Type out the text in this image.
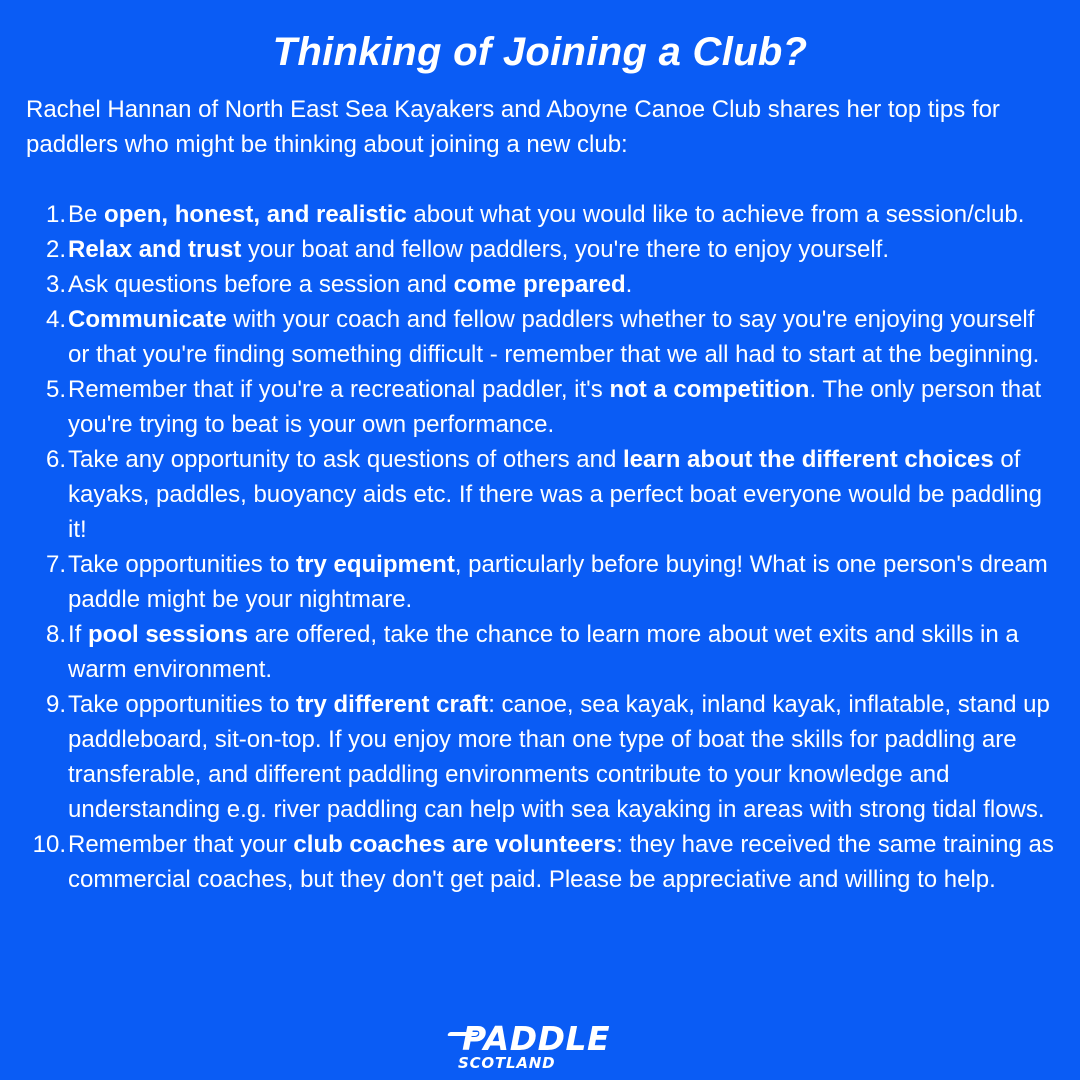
Thinking of Joining a Club?
Rachel Hannan of North East Sea Kayakers and Aboyne Canoe Club shares her top tips for paddlers who might be thinking about joining a new club:
1. Be open, honest, and realistic about what you would like to achieve from a session/club.
2. Relax and trust your boat and fellow paddlers, you're there to enjoy yourself.
3. Ask questions before a session and come prepared.
4. Communicate with your coach and fellow paddlers whether to say you're enjoying yourself or that you're finding something difficult - remember that we all had to start at the beginning.
5. Remember that if you're a recreational paddler, it's not a competition. The only person that you're trying to beat is your own performance.
6. Take any opportunity to ask questions of others and learn about the different choices of kayaks, paddles, buoyancy aids etc. If there was a perfect boat everyone would be paddling it!
7. Take opportunities to try equipment, particularly before buying! What is one person's dream paddle might be your nightmare.
8. If pool sessions are offered, take the chance to learn more about wet exits and skills in a warm environment.
9. Take opportunities to try different craft: canoe, sea kayak, inland kayak, inflatable, stand up paddleboard, sit-on-top. If you enjoy more than one type of boat the skills for paddling are transferable, and different paddling environments contribute to your knowledge and understanding e.g. river paddling can help with sea kayaking in areas with strong tidal flows.
10. Remember that your club coaches are volunteers: they have received the same training as commercial coaches, but they don't get paid. Please be appreciative and willing to help.
PADDLE
SCOTLAND
